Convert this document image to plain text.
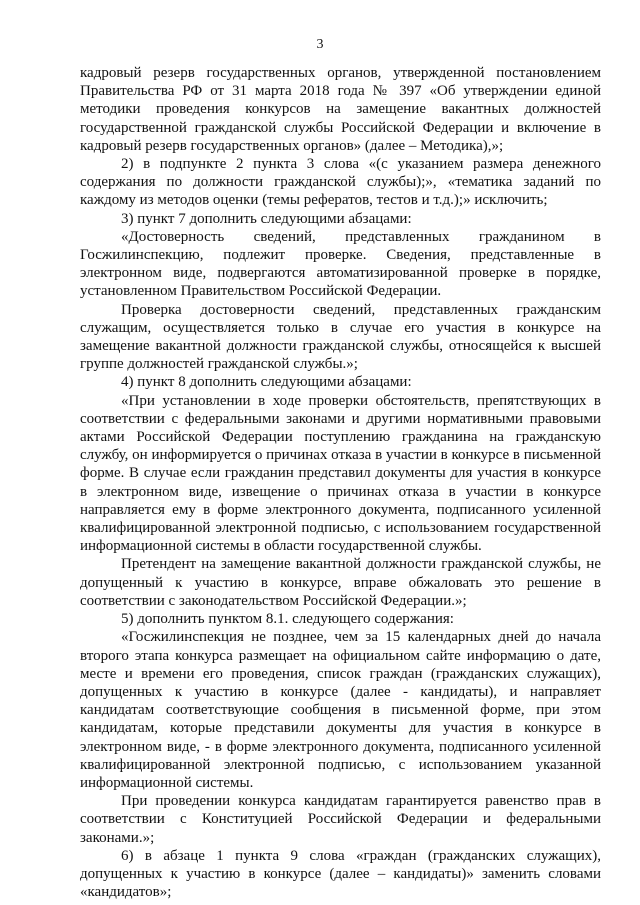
3

кадровый резерв государственных органов, утвержденной постановлением Правительства РФ от 31 марта 2018 года № 397 «Об утверждении единой методики проведения конкурсов на замещение вакантных должностей государственной гражданской службы Российской Федерации и включение в кадровый резерв государственных органов» (далее – Методика),»;

2) в подпункте 2 пункта 3 слова «(с указанием размера денежного содержания по должности гражданской службы);», «тематика заданий по каждому из методов оценки (темы рефератов, тестов и т.д.);» исключить;

3) пункт 7 дополнить следующими абзацами:

«Достоверность сведений, представленных гражданином в Госжилинспекцию, подлежит проверке. Сведения, представленные в электронном виде, подвергаются автоматизированной проверке в порядке, установленном Правительством Российской Федерации.

Проверка достоверности сведений, представленных гражданским служащим, осуществляется только в случае его участия в конкурсе на замещение вакантной должности гражданской службы, относящейся к высшей группе должностей гражданской службы.»;

4) пункт 8 дополнить следующими абзацами:

«При установлении в ходе проверки обстоятельств, препятствующих в соответствии с федеральными законами и другими нормативными правовыми актами Российской Федерации поступлению гражданина на гражданскую службу, он информируется о причинах отказа в участии в конкурсе в письменной форме. В случае если гражданин представил документы для участия в конкурсе в электронном виде, извещение о причинах отказа в участии в конкурсе направляется ему в форме электронного документа, подписанного усиленной квалифицированной электронной подписью, с использованием государственной информационной системы в области государственной службы.

Претендент на замещение вакантной должности гражданской службы, не допущенный к участию в конкурсе, вправе обжаловать это решение в соответствии с законодательством Российской Федерации.»;

5) дополнить пунктом 8.1. следующего содержания:

«Госжилинспекция не позднее, чем за 15 календарных дней до начала второго этапа конкурса размещает на официальном сайте информацию о дате, месте и времени его проведения, список граждан (гражданских служащих), допущенных к участию в конкурсе (далее - кандидаты), и направляет кандидатам соответствующие сообщения в письменной форме, при этом кандидатам, которые представили документы для участия в конкурсе в электронном виде, - в форме электронного документа, подписанного усиленной квалифицированной электронной подписью, с использованием указанной информационной системы.

При проведении конкурса кандидатам гарантируется равенство прав в соответствии с Конституцией Российской Федерации и федеральными законами.»;

6) в абзаце 1 пункта 9 слова «граждан (гражданских служащих), допущенных к участию в конкурсе (далее – кандидаты)» заменить словами «кандидатов»;
